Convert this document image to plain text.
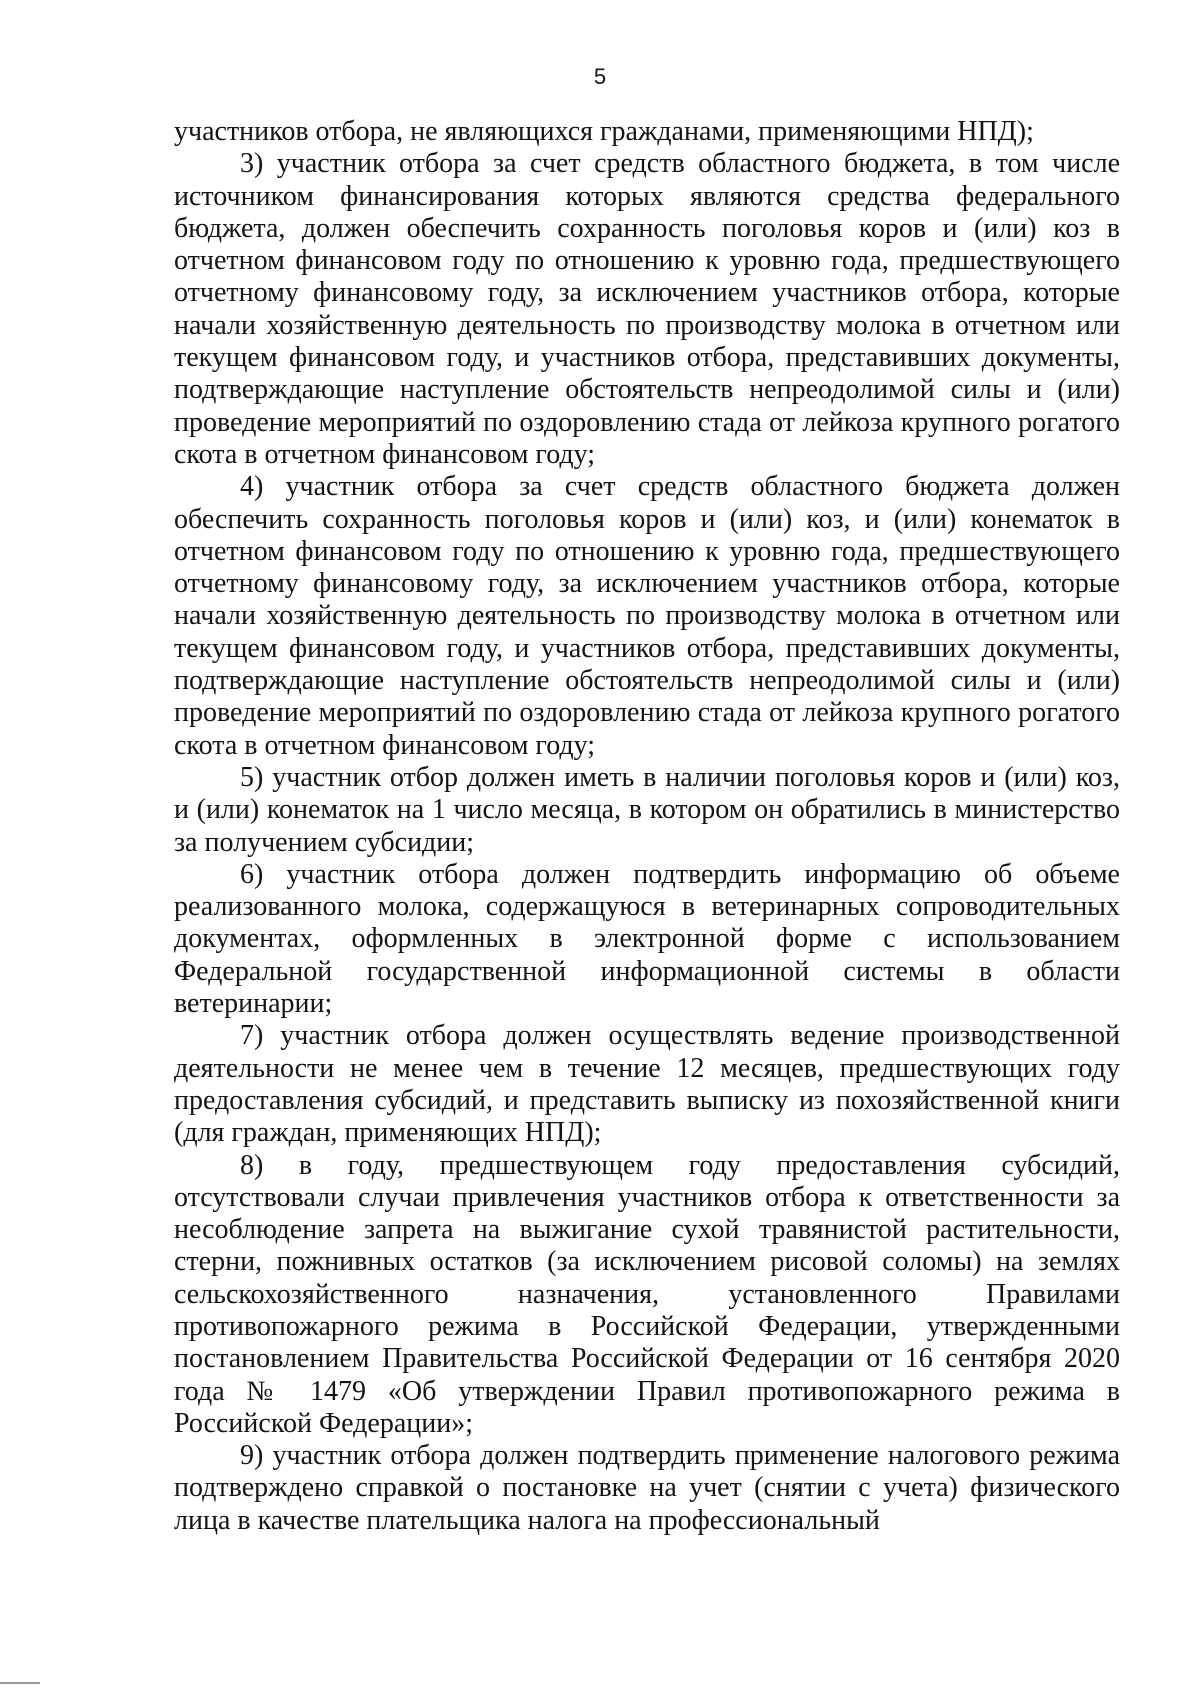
5

участников отбора, не являющихся гражданами, применяющими НПД);

3) участник отбора за счет средств областного бюджета, в том числе источником финансирования которых являются средства федерального бюджета, должен обеспечить сохранность поголовья коров и (или) коз в отчетном финансовом году по отношению к уровню года, предшествующего отчетному финансовому году, за исключением участников отбора, которые начали хозяйственную деятельность по производству молока в отчетном или текущем финансовом году, и участников отбора, представивших документы, подтверждающие наступление обстоятельств непреодолимой силы и (или) проведение мероприятий по оздоровлению стада от лейкоза крупного рогатого скота в отчетном финансовом году;

4) участник отбора за счет средств областного бюджета должен обеспечить сохранность поголовья коров и (или) коз, и (или) конематок в отчетном финансовом году по отношению к уровню года, предшествующего отчетному финансовому году, за исключением участников отбора, которые начали хозяйственную деятельность по производству молока в отчетном или текущем финансовом году, и участников отбора, представивших документы, подтверждающие наступление обстоятельств непреодолимой силы и (или) проведение мероприятий по оздоровлению стада от лейкоза крупного рогатого скота в отчетном финансовом году;

5) участник отбор должен иметь в наличии поголовья коров и (или) коз, и (или) конематок на 1 число месяца, в котором он обратились в министерство за получением субсидии;

6) участник отбора должен подтвердить информацию об объеме реализованного молока, содержащуюся в ветеринарных сопроводительных документах, оформленных в электронной форме с использованием Федеральной государственной информационной системы в области ветеринарии;

7) участник отбора должен осуществлять ведение производственной деятельности не менее чем в течение 12 месяцев, предшествующих году предоставления субсидий, и представить выписку из похозяйственной книги (для граждан, применяющих НПД);

8) в году, предшествующем году предоставления субсидий, отсутствовали случаи привлечения участников отбора к ответственности за несоблюдение запрета на выжигание сухой травянистой растительности, стерни, пожнивных остатков (за исключением рисовой соломы) на землях сельскохозяйственного назначения, установленного Правилами противопожарного режима в Российской Федерации, утвержденными постановлением Правительства Российской Федерации от 16 сентября 2020 года № 1479 «Об утверждении Правил противопожарного режима в Российской Федерации»;

9) участник отбора должен подтвердить применение налогового режима подтверждено справкой о постановке на учет (снятии с учета) физического лица в качестве плательщика налога на профессиональный
